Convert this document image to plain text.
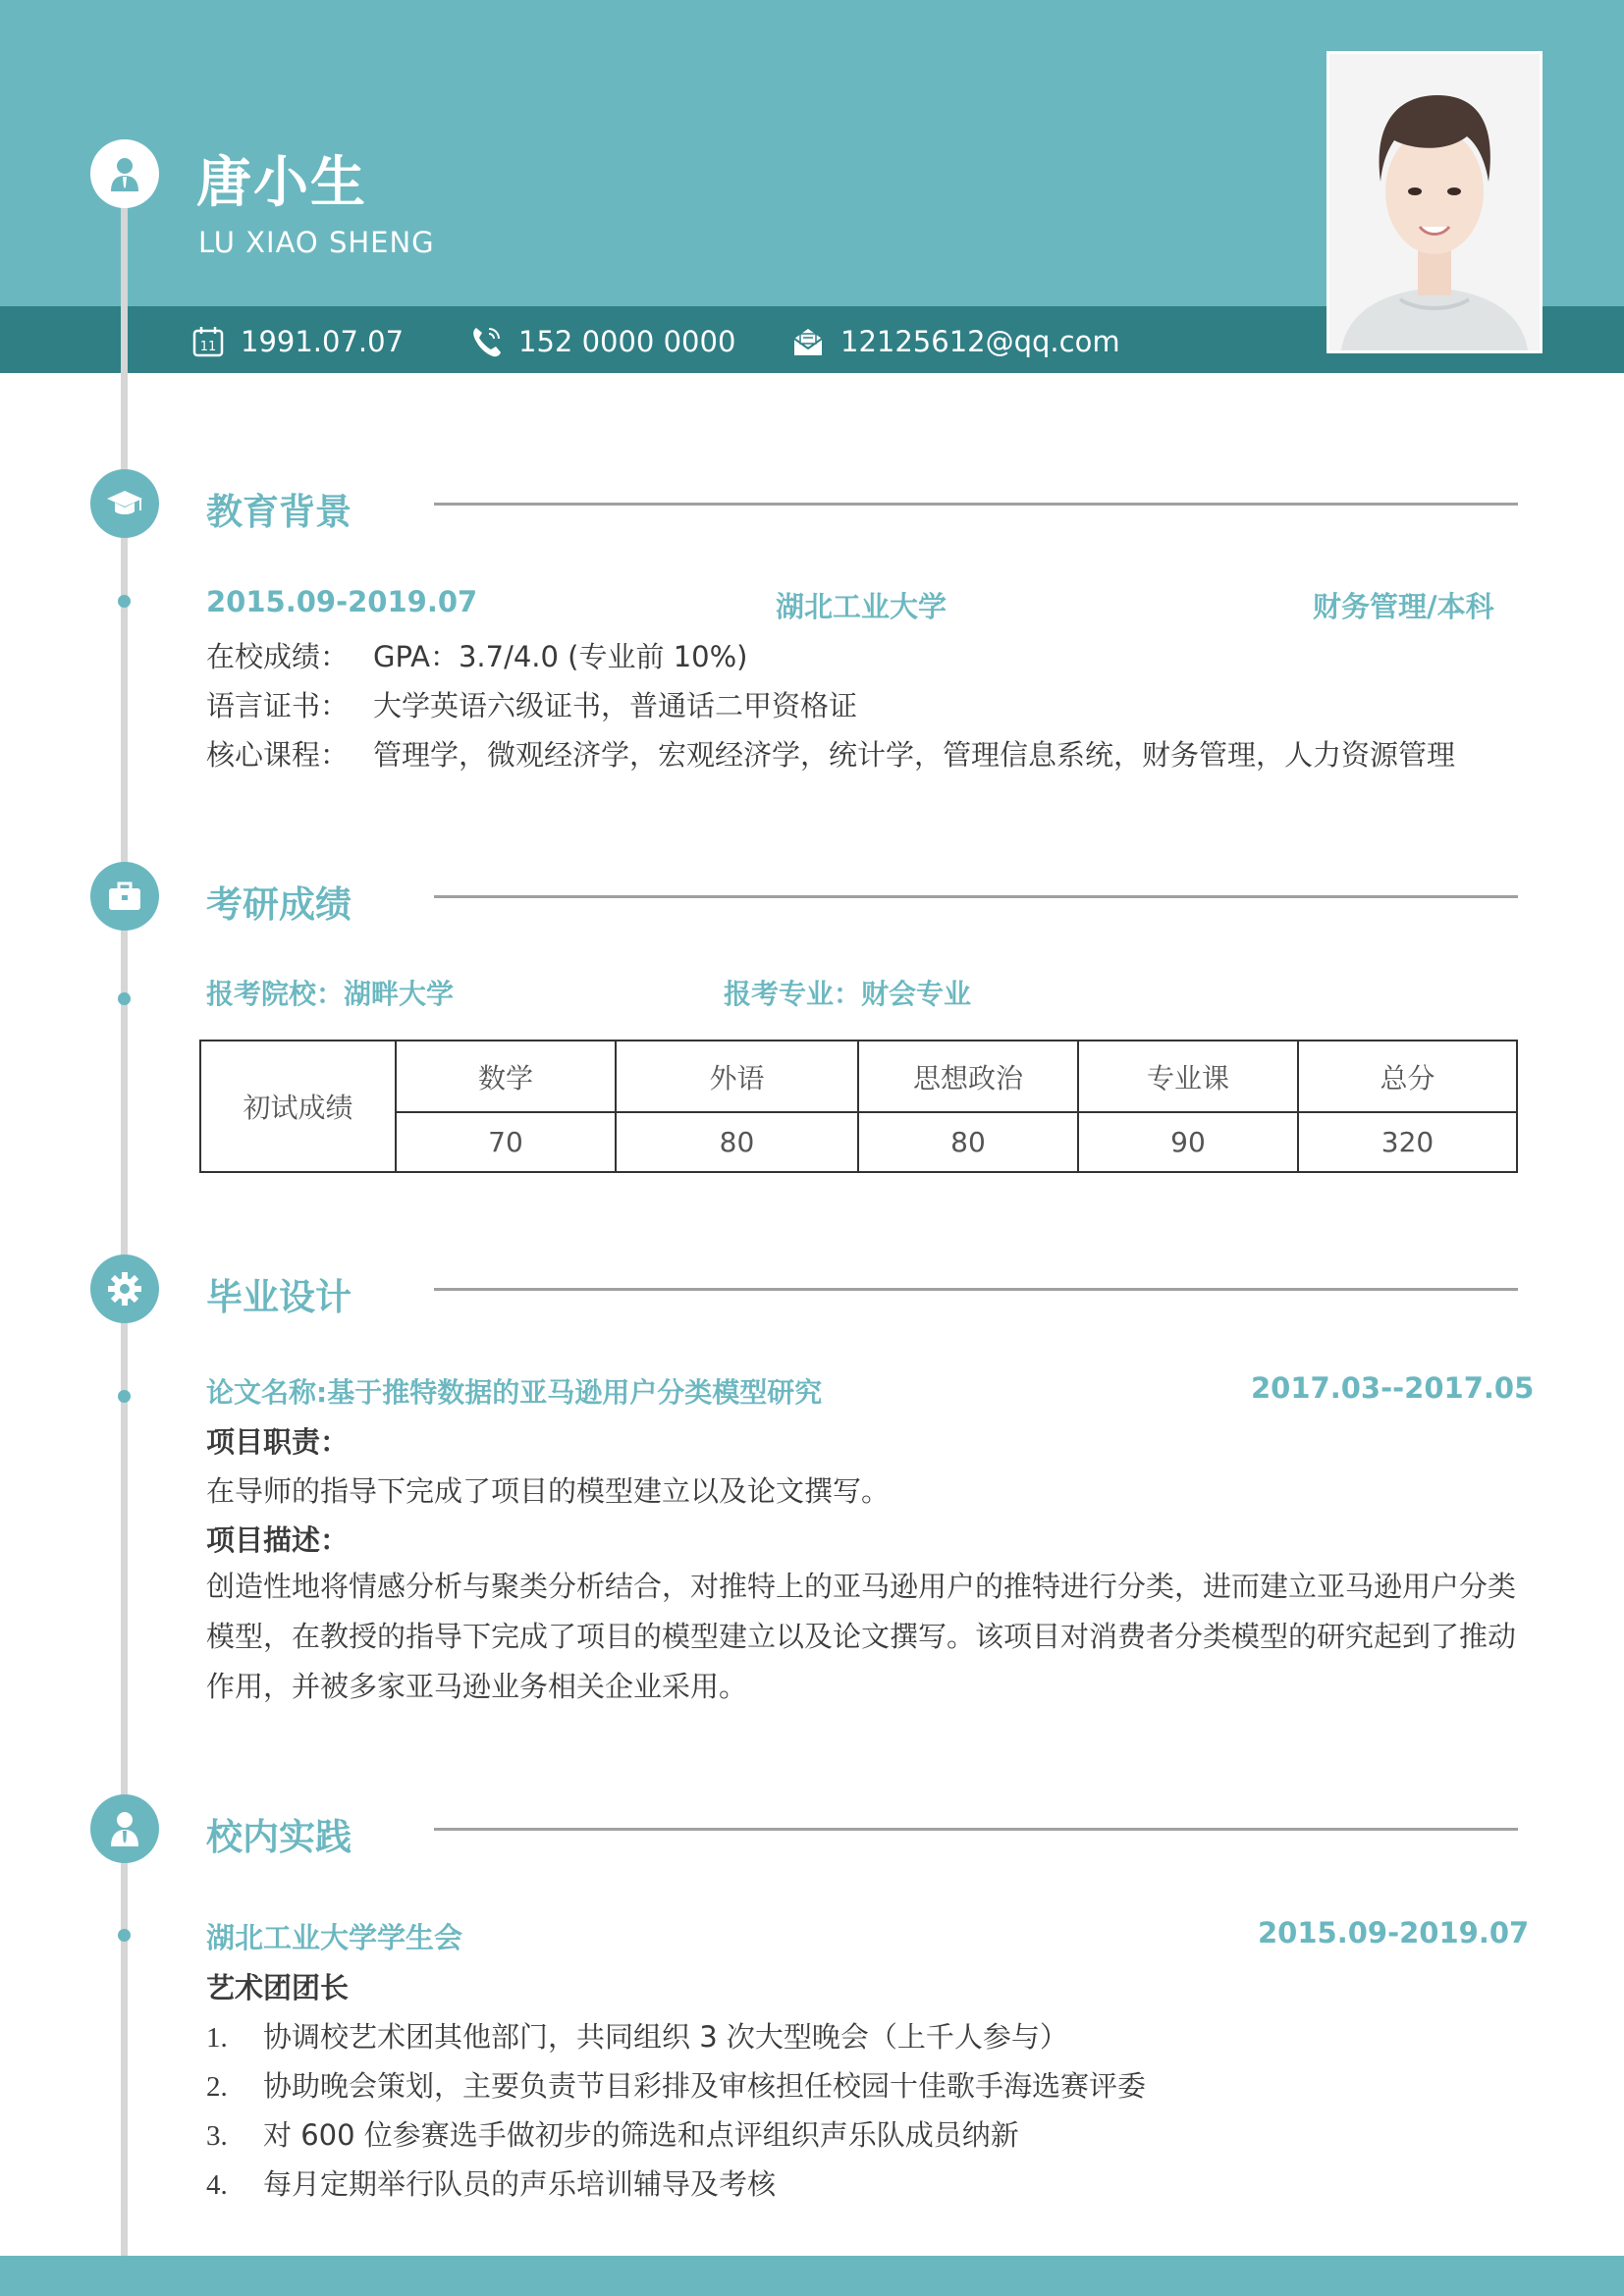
唐小生
LU XIAO SHENG
11 1991.07.07	152 0000 0000	12125612@qq.com
教育背景
2015.09-2019.07	湖北工业大学	财务管理/本科
在校成绩： GPA：3.7/4.0 (专业前 10%)
语言证书： 大学英语六级证书，普通话二甲资格证
核心课程： 管理学，微观经济学，宏观经济学，统计学，管理信息系统，财务管理，人力资源管理
考研成绩
报考院校：湖畔大学	报考专业：财会专业
初试成绩	数学	外语	思想政治	专业课	总分
	70	80	80	90	320
毕业设计
论文名称:基于推特数据的亚马逊用户分类模型研究	2017.03--2017.05
项目职责：
在导师的指导下完成了项目的模型建立以及论文撰写。
项目描述：
创造性地将情感分析与聚类分析结合，对推特上的亚马逊用户的推特进行分类，进而建立亚马逊用户分类模型，在教授的指导下完成了项目的模型建立以及论文撰写。该项目对消费者分类模型的研究起到了推动作用，并被多家亚马逊业务相关企业采用。
校内实践
湖北工业大学学生会	2015.09-2019.07
艺术团团长
1. 协调校艺术团其他部门，共同组织 3 次大型晚会（上千人参与）
2. 协助晚会策划，主要负责节目彩排及审核担任校园十佳歌手海选赛评委
3. 对 600 位参赛选手做初步的筛选和点评组织声乐队成员纳新
4. 每月定期举行队员的声乐培训辅导及考核
